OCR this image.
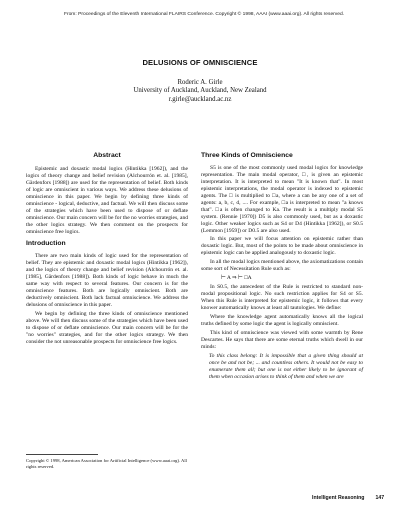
From: Proceedings of the Eleventh International FLAIRS Conference. Copyright © 1998, AAAI (www.aaai.org). All rights reserved.
DELUSIONS OF OMNISCIENCE
Roderic A. Girle
University of Auckland, Auckland, New Zealand
r.girle@auckland.ac.nz
Abstract

Epistemic and doxastic modal logics (Hintikka [1962]), and the logics of theory change and belief revision (Alchourrón et. al. [1985], Gärdenfors [1988]) are used for the representation of belief. Both kinds of logic are omniscient in various ways. We address these delusions of omniscience in this paper. We begin by defining three kinds of omniscience - logical, deductive, and factual. We will then discuss some of the strategies which have been used to dispose of or deflate omniscience. Our main concern will be for the no worries strategies, and the other logics strategy. We then comment on the prospects for omniscience free logics.

Introduction

There are two main kinds of logic used for the representation of belief. They are epistemic and doxastic modal logics (Hintikka [1962]), and the logics of theory change and belief revision (Alchourrón et. al. [1985], Gärdenfors [1988]). Both kinds of logic behave in much the same way with respect to several features. Our concern is for the omniscience features. Both are logically omniscient. Both are deductively omniscient. Both lack factual omniscience. We address the delusions of omniscience in this paper.

We begin by defining the three kinds of omniscience mentioned above. We will then discuss some of the strategies which have been used to dispose of or deflate omniscience. Our main concern will be for the "no worries" strategies, and for the other logics strategy. We then consider the not unreasonable prospects for omniscience free logics.

Copyright © 1998, American Association for Artificial Intelligence (www.aaai.org). All rights reserved.
Three Kinds of Omniscience

S5 is one of the most commonly used modal logics for knowledge representation. The main modal operator, □, is given an epistemic interpretation. It is interpreted to mean "It is known that". In most epistemic interpretations, the modal operator is indexed to epistemic agents. The □ is multiplied to □a, where a can be any one of a set of agents: a, b, c, d, .... For example, □a is interpreted to mean "a knows that". □a is often changed to Ka. The result is a multiply modal S5 system. (Rennie [1970]) D5 is also commonly used, but as a doxastic logic. Other weaker logics such as S4 or D4 (Hintikka [1962]), or S0.5 (Lemmon [1959]) or D0.5 are also used.

In this paper we will focus attention on epistemic rather than doxastic logic. But, most of the points to be made about omniscience in epistemic logic can be applied analogously to doxastic logic.

In all the modal logics mentioned above, the axiomatizations contain some sort of Necessitation Rule such as:

⊢ A ⇒ ⊢ □A

In S0.5, the antecedent of the Rule is restricted to standard non-modal propositional logic. No such restriction applies for S4 or S5. When this Rule is interpreted for epistemic logic, it follows that every knower automatically knows at least all tautologies. We define:

Where the knowledge agent automatically knows all the logical truths defined by some logic the agent is logically omniscient.

This kind of omniscience was viewed with some warmth by Rene Descartes. He says that there are some eternal truths which dwell in our minds:

To this class belong: It is impossible that a given thing should at once be and not be; ... and countless others. It would not be easy to enumerate them all; but one is not either likely to be ignorant of them when occasion arises to think of them and when we are

Intelligent Reasoning 147
